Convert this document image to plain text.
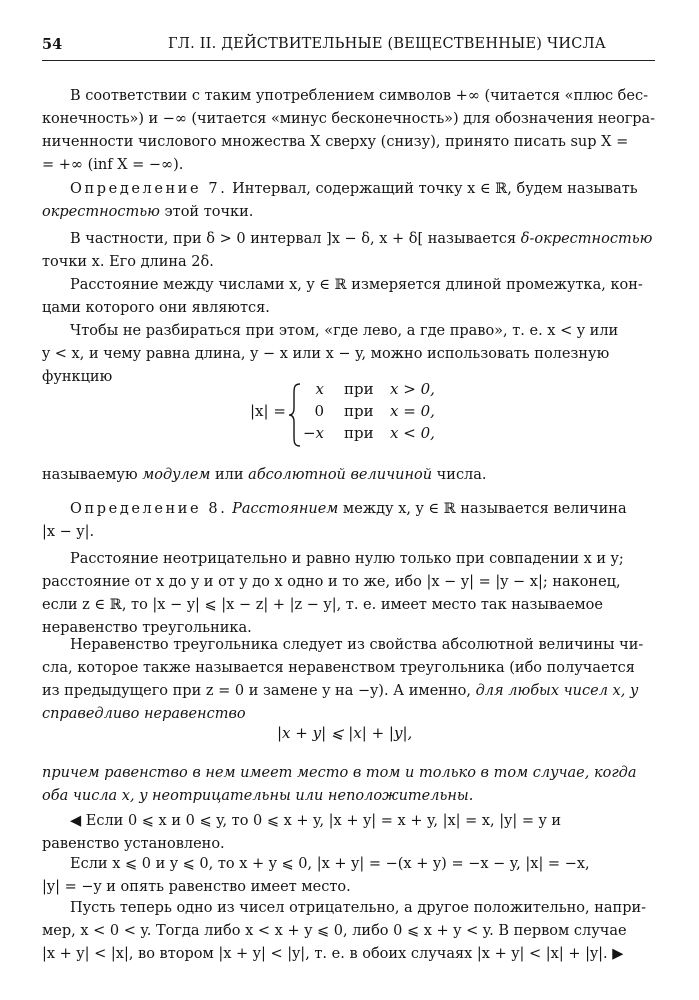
54	ГЛ. II. ДЕЙСТВИТЕЛЬНЫЕ (ВЕЩЕСТВЕННЫЕ) ЧИСЛА
В соответствии с таким употреблением символов +∞ (читается «плюс бес-
конечность») и −∞ (читается «минус бесконечность») для обозначения неогра-
ниченности числового множества X сверху (снизу), принято писать sup X =
= +∞ (inf X = −∞).
Определение 7. Интервал, содержащий точку x ∈ ℝ, будем называть
окрестностью этой точки.
В частности, при δ > 0 интервал ]x − δ, x + δ[ называется δ-окрестностью
точки x. Его длина 2δ.
Расстояние между числами x, y ∈ ℝ измеряется длиной промежутка, кон-
цами которого они являются.
Чтобы не разбираться при этом, «где лево, а где право», т. е. x < y или
y < x, и чему равна длина, y − x или x − y, можно использовать полезную
функцию
|x| =
x при x > 0,
0 при x = 0,
−x при x < 0,
называемую модулем или абсолютной величиной числа.
Определение 8. Расстоянием между x, y ∈ ℝ называется величина
|x − y|.
Расстояние неотрицательно и равно нулю только при совпадении x и y;
расстояние от x до y и от y до x одно и то же, ибо |x − y| = |y − x|; наконец,
если z ∈ ℝ, то |x − y| ⩽ |x − z| + |z − y|, т. е. имеет место так называемое
неравенство треугольника.
Неравенство треугольника следует из свойства абсолютной величины чи-
сла, которое также называется неравенством треугольника (ибо получается
из предыдущего при z = 0 и замене y на −y). А именно, для любых чисел x, y
справедливо неравенство
|x + y| ⩽ |x| + |y|,
причем равенство в нем имеет место в том и только в том случае, когда
оба числа x, y неотрицательны или неположительны.
◀ Если 0 ⩽ x и 0 ⩽ y, то 0 ⩽ x + y, |x + y| = x + y, |x| = x, |y| = y и
равенство установлено.
Если x ⩽ 0 и y ⩽ 0, то x + y ⩽ 0, |x + y| = −(x + y) = −x − y, |x| = −x,
|y| = −y и опять равенство имеет место.
Пусть теперь одно из чисел отрицательно, а другое положительно, напри-
мер, x < 0 < y. Тогда либо x < x + y ⩽ 0, либо 0 ⩽ x + y < y. В первом случае
|x + y| < |x|, во втором |x + y| < |y|, т. е. в обоих случаях |x + y| < |x| + |y|. ▶
